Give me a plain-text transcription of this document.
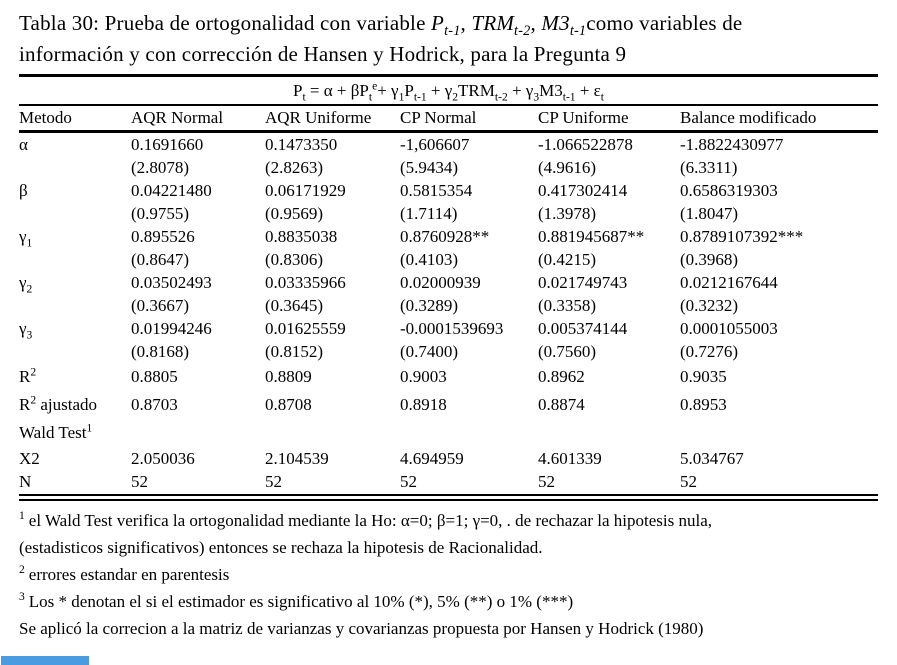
Tabla 30: Prueba de ortogonalidad con variable $P_{t-1}$, $TRM_{t-2}$, $M3_{t-1}como$ variables de
información y con corrección de Hansen y Hodrick, para la Pregunta 9
$P_t = \alpha + \beta P_t^e+ \gamma_1P_{t-1} + \gamma_2TRM_{t-2} + \gamma_3M3_{t-1} + \varepsilon_t$
Metodo	AQR Normal	AQR Uniforme	CP Normal	CP Uniforme	Balance modificado
α	0.1691660	0.1473350	-1,606607	-1.066522878	-1.8822430977
	(2.8078)	(2.8263)	(5.9434)	(4.9616)	(6.3311)
β	0.04221480	0.06171929	0.5815354	0.417302414	0.6586319303
	(0.9755)	(0.9569)	(1.7114)	(1.3978)	(1.8047)
$\gamma_1$	0.895526	0.8835038	0.8760928**	0.881945687**	0.8789107392***
	(0.8647)	(0.8306)	(0.4103)	(0.4215)	(0.3968)
$\gamma_2$	0.03502493	0.03335966	0.02000939	0.021749743	0.0212167644
	(0.3667)	(0.3645)	(0.3289)	(0.3358)	(0.3232)
$\gamma_3$	0.01994246	0.01625559	-0.0001539693	0.005374144	0.0001055003
	(0.8168)	(0.8152)	(0.7400)	(0.7560)	(0.7276)
$R^2$	0.8805	0.8809	0.9003	0.8962	0.9035
$R^2$ ajustado	0.8703	0.8708	0.8918	0.8874	0.8953
Wald Test$^1$					
X2	2.050036	2.104539	4.694959	4.601339	5.034767
N	52	52	52	52	52
$^1$ el Wald Test verifica la ortogonalidad mediante la Ho: α=0; β=1; γ=0, . de rechazar la hipotesis nula,
(estadisticos significativos) entonces se rechaza la hipotesis de Racionalidad.
$^2$ errores estandar en parentesis
$^3$ Los * denotan el si el estimador es significativo al 10% (*), 5% (**) o 1% (***)
Se aplicó la correcion a la matriz de varianzas y covarianzas propuesta por Hansen y Hodrick (1980)
